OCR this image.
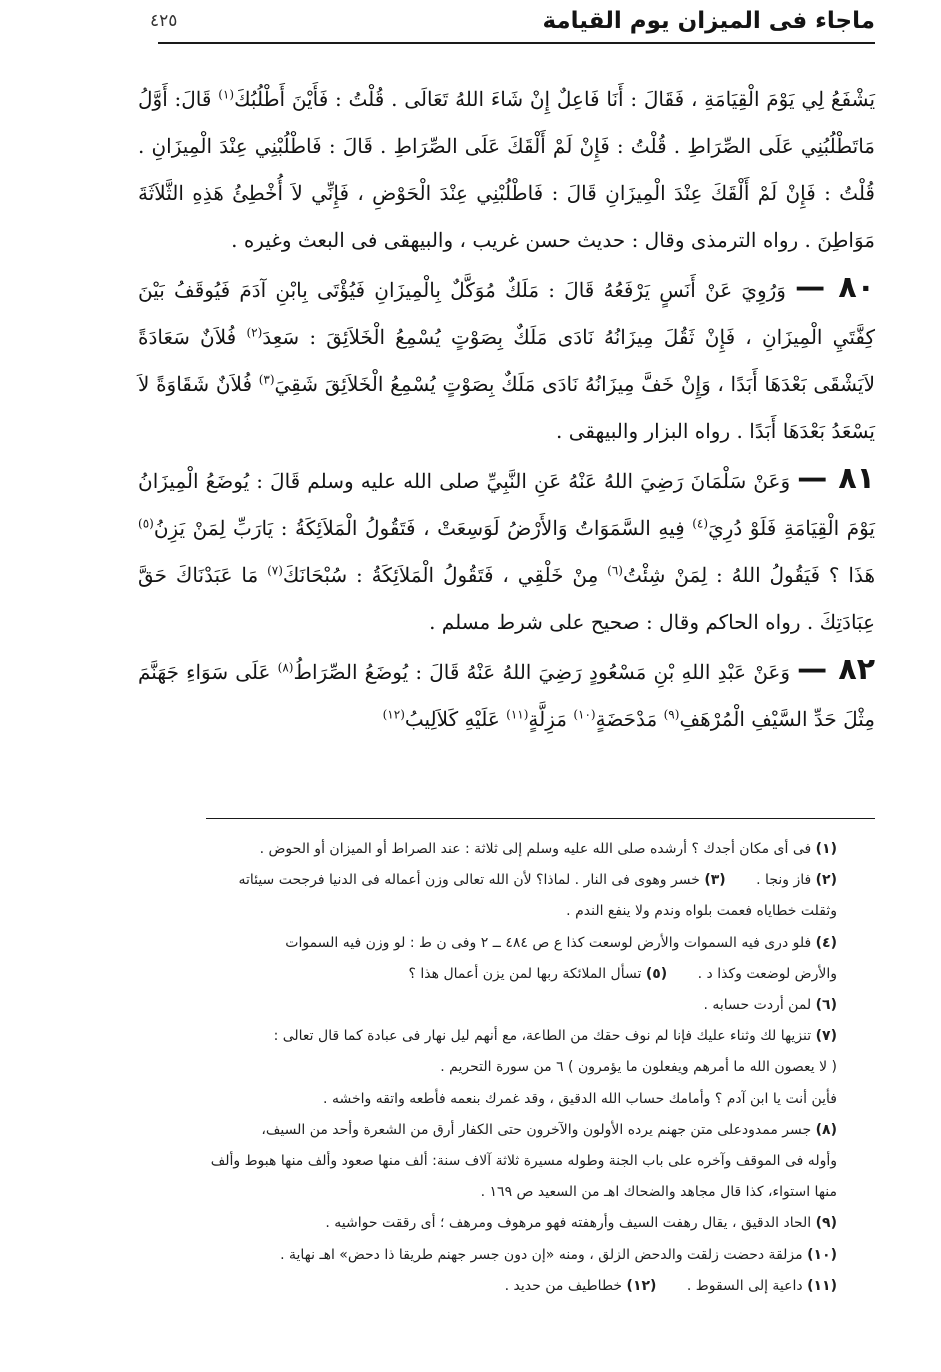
ماجاء فى الميزان يوم القيامة
٤٢٥

يَشْفَعُ لِي يَوْمَ الْقِيَامَةِ ، فَقَالَ : أَنَا فَاعِلٌ إِنْ شَاءَ اللهُ تَعَالَى . قُلْتُ : فَأَيْنَ أَطْلُبُكَ$^{(١)}$ قَالَ: أَوَّلُ مَاتَطْلُبُنِي عَلَى الصِّرَاطِ . قُلْتُ : فَإِنْ لَمْ أَلْقَكَ عَلَى الصِّرَاطِ . قَالَ : فَاطْلُبْنِي عِنْدَ الْمِيزَانِ . قُلْتُ : فَإِنْ لَمْ أَلْقَكَ عِنْدَ الْمِيزَانِ قَالَ : فَاطْلُبْنِي عِنْدَ الْحَوْضِ ، فَإِنِّي لاَ أُخْطِئُ هَذِهِ الثَّلاَثَةَ مَوَاطِنَ . رواه الترمذى وقال : حديث حسن غريب ، والبيهقى فى البعث وغيره .

٨٠ — وَرُوِيَ عَنْ أَنَسٍ يَرْفَعُهُ قَالَ : مَلَكٌ مُوَكَّلٌ بِالْمِيزَانِ فَيُؤْتَى بِابْنِ آدَمَ فَيُوقَفُ بَيْنَ كِفَّتَيِ الْمِيزَانِ ، فَإِنْ ثَقُلَ مِيزَانُهُ نَادَى مَلَكٌ بِصَوْتٍ يُسْمِعُ الْخَلاَئِقَ : سَعِدَ$^{(٢)}$ فُلاَنٌ سَعَادَةً لاَيَشْقَى بَعْدَهَا أَبَدًا ، وَإِنْ خَفَّ مِيزَانُهُ نَادَى مَلَكٌ بِصَوْتٍ يُسْمِعُ الْخَلاَئِقَ شَقِيَ$^{(٣)}$ فُلاَنٌ شَقَاوَةً لاَ يَسْعَدُ بَعْدَهَا أَبَدًا . رواه البزار والبيهقى .

٨١ — وَعَنْ سَلْمَانَ رَضِيَ اللهُ عَنْهُ عَنِ النَّبِيِّ صلى الله عليه وسلم قَالَ : يُوضَعُ الْمِيزَانُ يَوْمَ الْقِيَامَةِ فَلَوْ دُرِيَ$^{(٤)}$ فِيهِ السَّمَوَاتُ وَالأَرْضُ لَوَسِعَتْ ، فَتَقُولُ الْمَلاَئِكَةُ : يَارَبِّ لِمَنْ يَزِنُ$^{(٥)}$ هَذَا ؟ فَيَقُولُ اللهُ : لِمَنْ شِئْتُ$^{(٦)}$ مِنْ خَلْقِي ، فَتَقُولُ الْمَلاَئِكَةُ : سُبْحَانَكَ$^{(٧)}$ مَا عَبَدْنَاكَ حَقَّ عِبَادَتِكَ . رواه الحاكم وقال : صحيح على شرط مسلم .

٨٢ — وَعَنْ عَبْدِ اللهِ بْنِ مَسْعُودٍ رَضِيَ اللهُ عَنْهُ قَالَ : يُوضَعُ الصِّرَاطُ$^{(٨)}$ عَلَى سَوَاءِ جَهَنَّمَ مِثْلَ حَدِّ السَّيْفِ الْمُرْهَفِ$^{(٩)}$ مَدْحَضَةٍ$^{(١٠)}$ مَزِلَّةٍ$^{(١١)}$ عَلَيْهِ كَلاَلِيبُ$^{(١٢)}$

(١) فى أى مكان أجدك ؟ أرشده صلى الله عليه وسلم إلى ثلاثة : عند الصراط أو الميزان أو الحوض .

(٢) فاز ونجا . (٣) خسر وهوى فى النار . لماذا؟ لأن الله تعالى وزن أعماله فى الدنيا فرجحت سيئاته

وثقلت خطاياه فعمت بلواه وندم ولا ينفع الندم .

(٤) فلو درى فيه السموات والأرض لوسعت كذا ع ص ٤٨٤ ــ ٢ وفى ن ط : لو وزن فيه السموات

والأرض لوضعت وكذا د . (٥) تسأل الملائكة ربها لمن يزن أعمال هذا ؟

(٦) لمن أردت حسابه .

(٧) تنزيها لك وثناء عليك فإنا لم نوف حقك من الطاعة، مع أنهم ليل نهار فى عبادة كما قال تعالى :

( لا يعصون الله ما أمرهم ويفعلون ما يؤمرون ) ٦ من سورة التحريم .

فأين أنت يا ابن آدم ؟ وأمامك حساب الله الدقيق ، وقد غمرك بنعمه فأطعه واتقه واخشه .

(٨) جسر ممدودعلى متن جهنم يرده الأولون والآخرون حتى الكفار أرق من الشعرة وأحد من السيف،

وأوله فى الموقف وآخره على باب الجنة وطوله مسيرة ثلاثة آلاف سنة: ألف منها صعود وألف منها هبوط وألف

منها استواء، كذا قال مجاهد والضحاك اهـ من السعيد ص ١٦٩ .

(٩) الحاد الدقيق ، يقال رهفت السيف وأرهفته فهو مرهوف ومرهف ؛ أى رققت حواشيه .

(١٠) مزلقة دحضت زلقت والدحض الزلق ، ومنه «إن دون جسر جهنم طريقا ذا دحض» اهـ نهاية .

(١١) داعية إلى السقوط . (١٢) خطاطيف من حديد .
